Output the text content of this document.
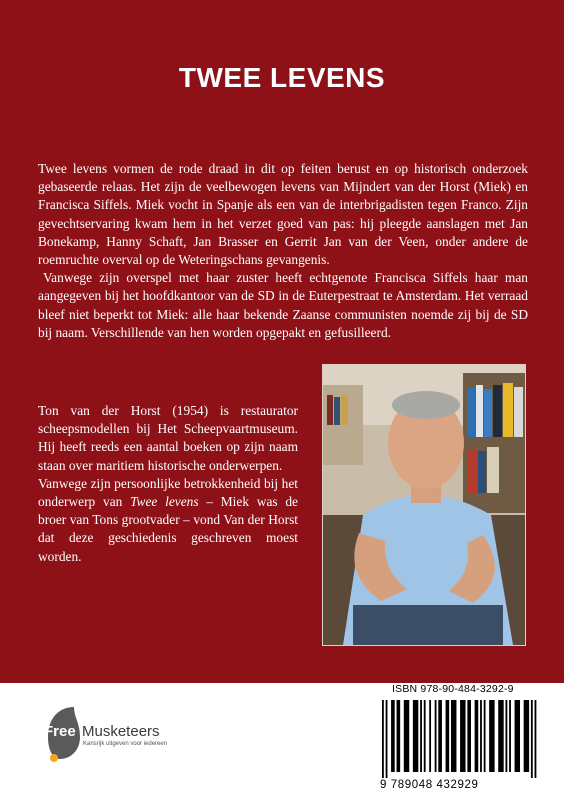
TWEE LEVENS

Twee levens vormen de rode draad in dit op feiten berust en op historisch onderzoek gebaseerde relaas. Het zijn de veelbewogen levens van Mijndert van der Horst (Miek) en Francisca Siffels. Miek vocht in Spanje als een van de interbrigadisten tegen Franco. Zijn gevechtservaring kwam hem in het verzet goed van pas: hij pleegde aanslagen met Jan Bonekamp, Hanny Schaft, Jan Brasser en Gerrit Jan van der Veen, onder andere de roemruchte overval op de Weteringschans gevangenis.

Vanwege zijn overspel met haar zuster heeft echtgenote Francisca Siffels haar man aangegeven bij het hoofdkantoor van de SD in de Euterpestraat te Amsterdam. Het verraad bleef niet beperkt tot Miek: alle haar bekende Zaanse communisten noemde zij bij de SD bij naam. Verschillende van hen worden opgepakt en gefusilleerd.

Ton van der Horst (1954) is restaurator scheepsmodellen bij Het Scheepvaartmuseum. Hij heeft reeds een aantal boeken op zijn naam staan over maritiem historische onderwerpen.

Vanwege zijn persoonlijke betrokkenheid bij het onderwerp van Twee levens – Miek was de broer van Tons grootvader – vond Van der Horst dat deze geschiedenis geschreven moest worden.

Free Musketeers
Kansrijk uitgeven voor iedereen
ISBN 978-90-484-3292-9
9 789048 432929
